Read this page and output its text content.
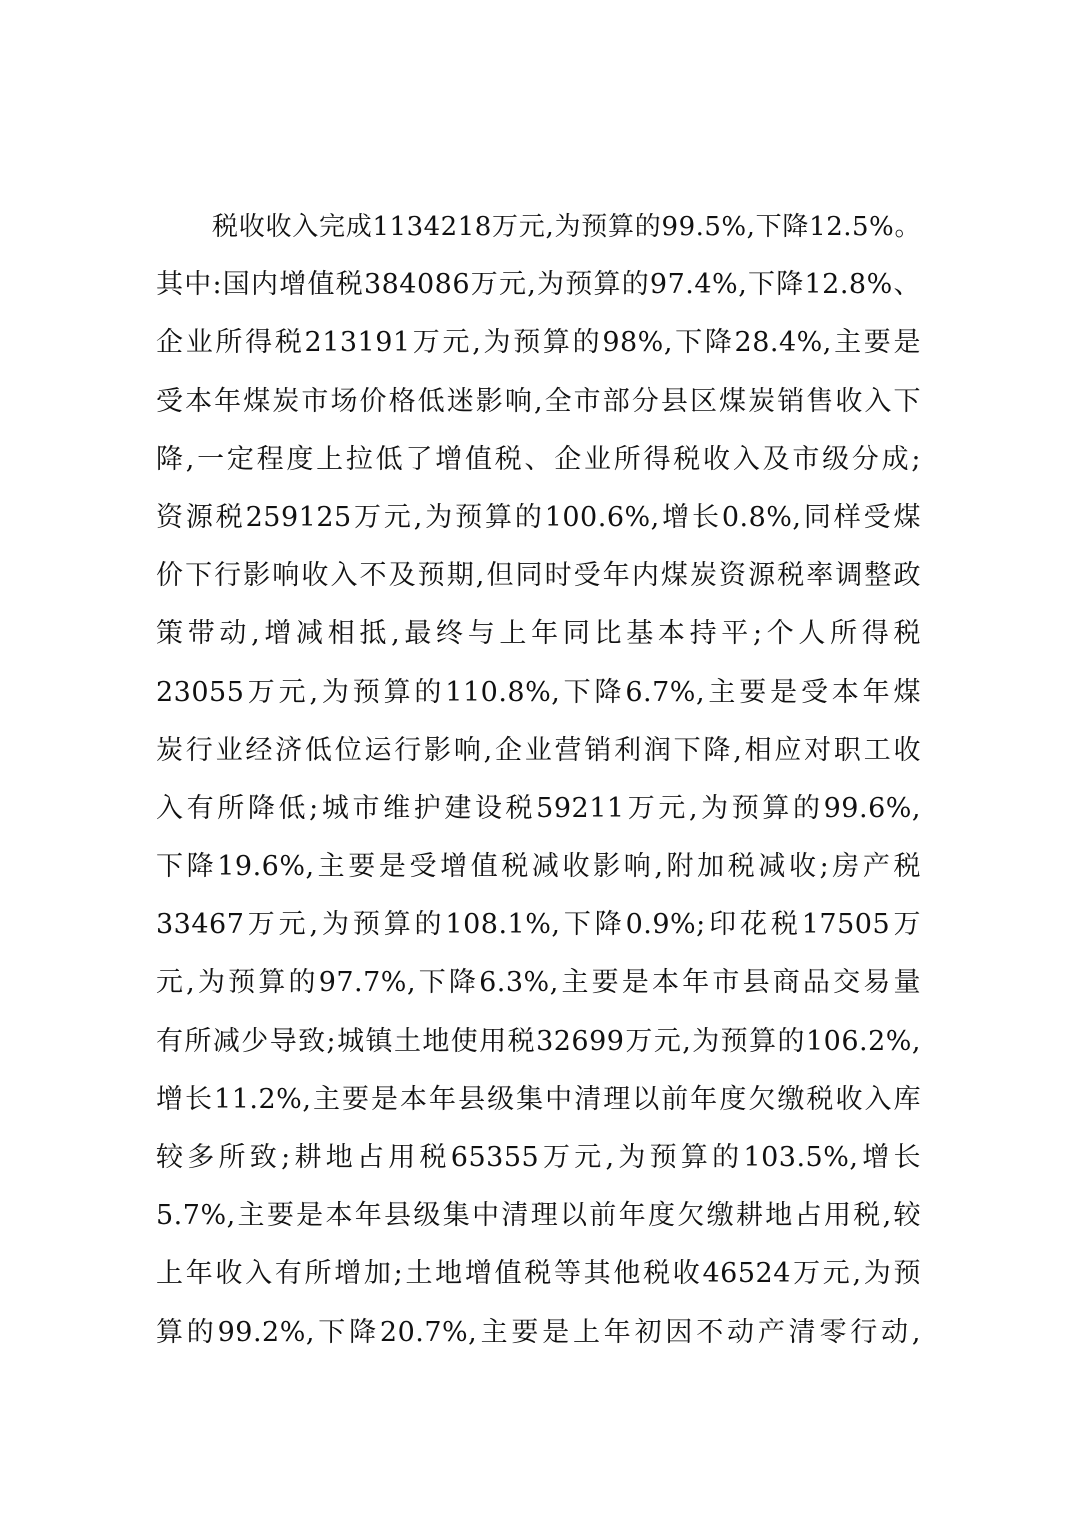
税收收入完成1134218万元,为预算的99.5%,下降12.5%。
其中:国内增值税384086万元,为预算的97.4%,下降12.8%、
企业所得税213191万元,为预算的98%,下降28.4%,主要是
受本年煤炭市场价格低迷影响,全市部分县区煤炭销售收入下
降,一定程度上拉低了增值税、企业所得税收入及市级分成;
资源税259125万元,为预算的100.6%,增长0.8%,同样受煤
价下行影响收入不及预期,但同时受年内煤炭资源税率调整政
策带动,增减相抵,最终与上年同比基本持平;个人所得税
23055万元,为预算的110.8%,下降6.7%,主要是受本年煤
炭行业经济低位运行影响,企业营销利润下降,相应对职工收
入有所降低;城市维护建设税59211万元,为预算的99.6%,
下降19.6%,主要是受增值税减收影响,附加税减收;房产税
33467万元,为预算的108.1%,下降0.9%;印花税17505万
元,为预算的97.7%,下降6.3%,主要是本年市县商品交易量
有所减少导致;城镇土地使用税32699万元,为预算的106.2%,
增长11.2%,主要是本年县级集中清理以前年度欠缴税收入库
较多所致;耕地占用税65355万元,为预算的103.5%,增长
5.7%,主要是本年县级集中清理以前年度欠缴耕地占用税,较
上年收入有所增加;土地增值税等其他税收46524万元,为预
算的99.2%,下降20.7%,主要是上年初因不动产清零行动,
